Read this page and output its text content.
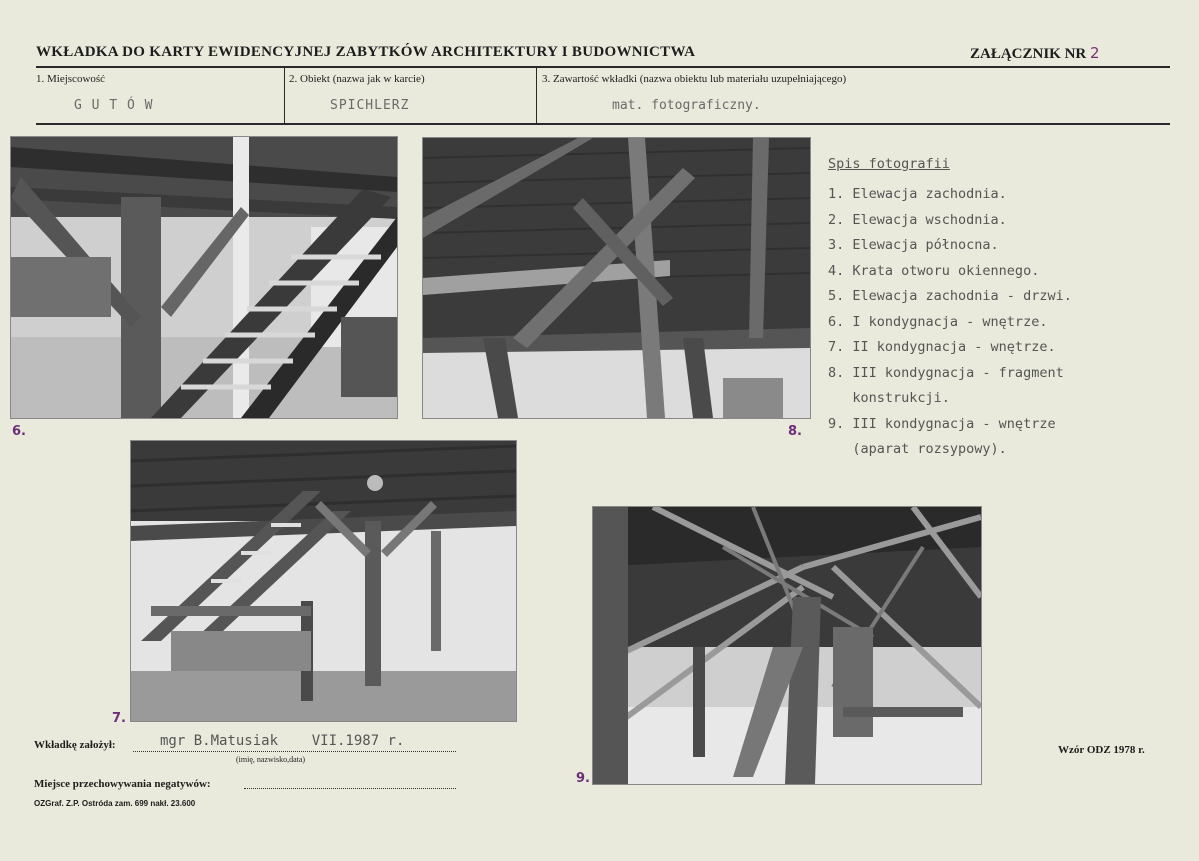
WKŁADKA DO KARTY EWIDENCYJNEJ ZABYTKÓW ARCHITEKTURY I BUDOWNICTWA	ZAŁĄCZNIK NR 2
1. Miejscowość
G U T Ó W
2. Obiekt (nazwa jak w karcie)
SPICHLERZ
3. Zawartość wkładki (nazwa obiektu lub materiału uzupełniającego)
mat. fotograficzny.
6.	8.
7.
9.
Spis fotografii
1. Elewacja zachodnia.
2. Elewacja wschodnia.
3. Elewacja północna.
4. Krata otworu okiennego.
5. Elewacja zachodnia - drzwi.
6. I kondygnacja - wnętrze.
7. II kondygnacja - wnętrze.
8. III kondygnacja - fragment
konstrukcji.
9. III kondygnacja - wnętrze
(aparat rozsypowy).
Wkładkę założył:	mgr B.Matusiak    VII.1987 r.
(imię, nazwisko,data)
Miejsce przechowywania negatywów:
OZGraf. Z.P. Ostróda zam. 699 nakł. 23.600
Wzór ODZ 1978 r.
